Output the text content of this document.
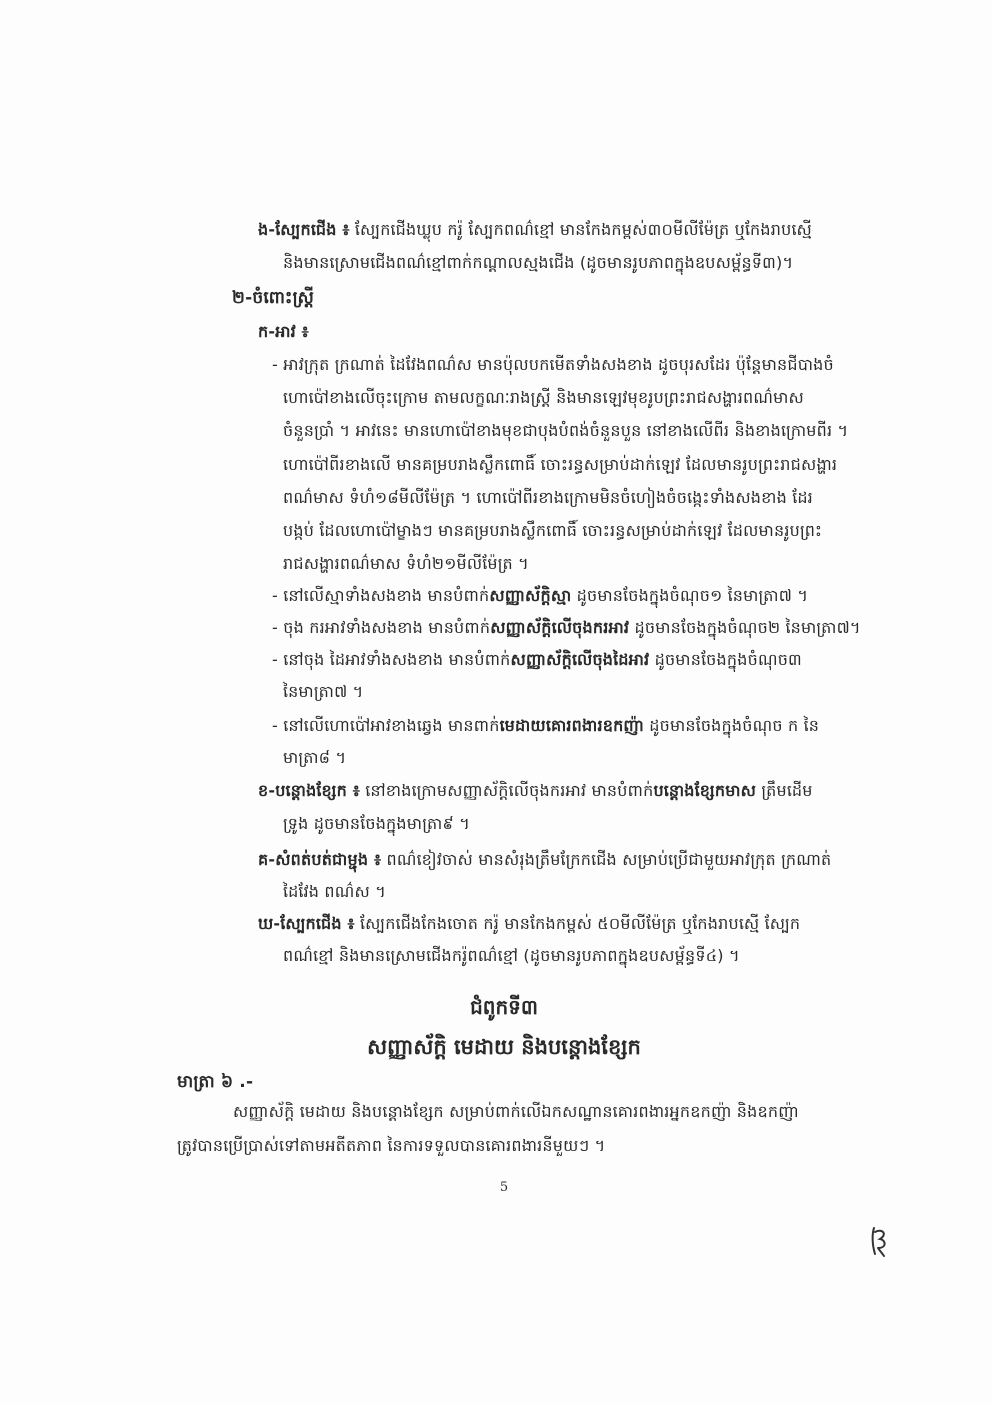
ង-ស្បែកជើង ៖ ស្បែកជើងឃ្លុប ករ៉ូ ស្បែកពណ៌ខ្មៅ មានកែងកម្ពស់៣០មីលីម៉ែត្រ ឬកែងរាបស្មើ
និងមានស្រោមជើងពណ៌ខ្មៅពាក់កណ្ដាលស្មងជើង (ដូចមានរូបភាពក្នុងឧបសម្ព័ន្ធទី៣)។
២-ចំពោះស្ត្រី
ក-អាវ ៖
- អាវក្រុត ក្រណាត់ ដៃវែងពណ៌ស មានប៉ុលបកមើតទាំងសងខាង ដូចបុរសដែរ ប៉ុន្តែមានជីបាងចំ
ហោប៉ៅខាងលើចុះក្រោម តាមលក្ខណៈរាងស្ត្រី និងមានឡេវមុខរូបព្រះរាជសង្ហារពណ៌មាស
ចំនួនប្រាំ ។ អាវនេះ មានហោប៉ៅខាងមុខជាបុងបំពង់ចំនួនបួន នៅខាងលើពីរ និងខាងក្រោមពីរ ។
ហោប៉ៅពីរខាងលើ មានគម្របរាងស្លឹកពោធិ៍ ចោះរន្ធសម្រាប់ដាក់ឡេវ ដែលមានរូបព្រះរាជសង្ហារ
ពណ៌មាស ទំហំ១៨មីលីម៉ែត្រ ។ ហោប៉ៅពីរខាងក្រោមមិនចំហៀងចំចង្កេះទាំងសងខាង ដែរ
បង្កប់ ដែលហោប៉ៅម្ខាងៗ មានគម្របរាងស្លឹកពោធិ៍ ចោះរន្ធសម្រាប់ដាក់ឡេវ ដែលមានរូបព្រះ
រាជសង្ហារពណ៌មាស ទំហំ២១មីលីម៉ែត្រ ។
- នៅលើស្មាទាំងសងខាង មានបំពាក់សញ្ញាស័ក្តិស្មា ដូចមានចែងក្នុងចំណុច១ នៃមាត្រា៧ ។
- ចុង ករអាវទាំងសងខាង មានបំពាក់សញ្ញាស័ក្តិលើចុងករអាវ ដូចមានចែងក្នុងចំណុច២ នៃមាត្រា៧។
- នៅចុង ដៃអាវទាំងសងខាង មានបំពាក់សញ្ញាស័ក្តិលើចុងដៃអាវ ដូចមានចែងក្នុងចំណុច៣
នៃមាត្រា៧ ។
- នៅលើហោប៉ៅអាវខាងឆ្វេង មានពាក់មេដាយគោរពងារឧកញ៉ា ដូចមានចែងក្នុងចំណុច ក នៃ
មាត្រា៨ ។
ខ-បន្តោងខ្សែក ៖ នៅខាងក្រោមសញ្ញាស័ក្តិលើចុងករអាវ មានបំពាក់បន្តោងខ្សែកមាស ត្រឹមដើម
ទ្រូង ដូចមានចែងក្នុងមាត្រា៩ ។
គ-សំពត់បត់ជាម្ជុង ៖ ពណ៌ខៀវចាស់ មានសំរុងត្រឹមក្រែកជើង សម្រាប់ប្រើជាមួយអាវក្រុត ក្រណាត់
ដៃវែង ពណ៌ស ។
ឃ-ស្បែកជើង ៖ ស្បែកជើងកែងចោត ករ៉ូ មានកែងកម្ពស់ ៥០មីលីម៉ែត្រ ឬកែងរាបស្មើ ស្បែក
ពណ៌ខ្មៅ និងមានស្រោមជើងករ៉ូពណ៌ខ្មៅ (ដូចមានរូបភាពក្នុងឧបសម្ព័ន្ធទី៤) ។
ជំពូកទី៣
សញ្ញាស័ក្តិ មេដាយ និងបន្តោងខ្សែក
មាត្រា ៦ .-
សញ្ញាស័ក្តិ មេដាយ និងបន្តោងខ្សែក សម្រាប់ពាក់លើឯកសណ្ឋានគោរពងារអ្នកឧកញ៉ា និងឧកញ៉ា
ត្រូវបានប្រើប្រាស់ទៅតាមអតីតភាព នៃការទទួលបានគោរពងារនីមួយៗ ។
5
